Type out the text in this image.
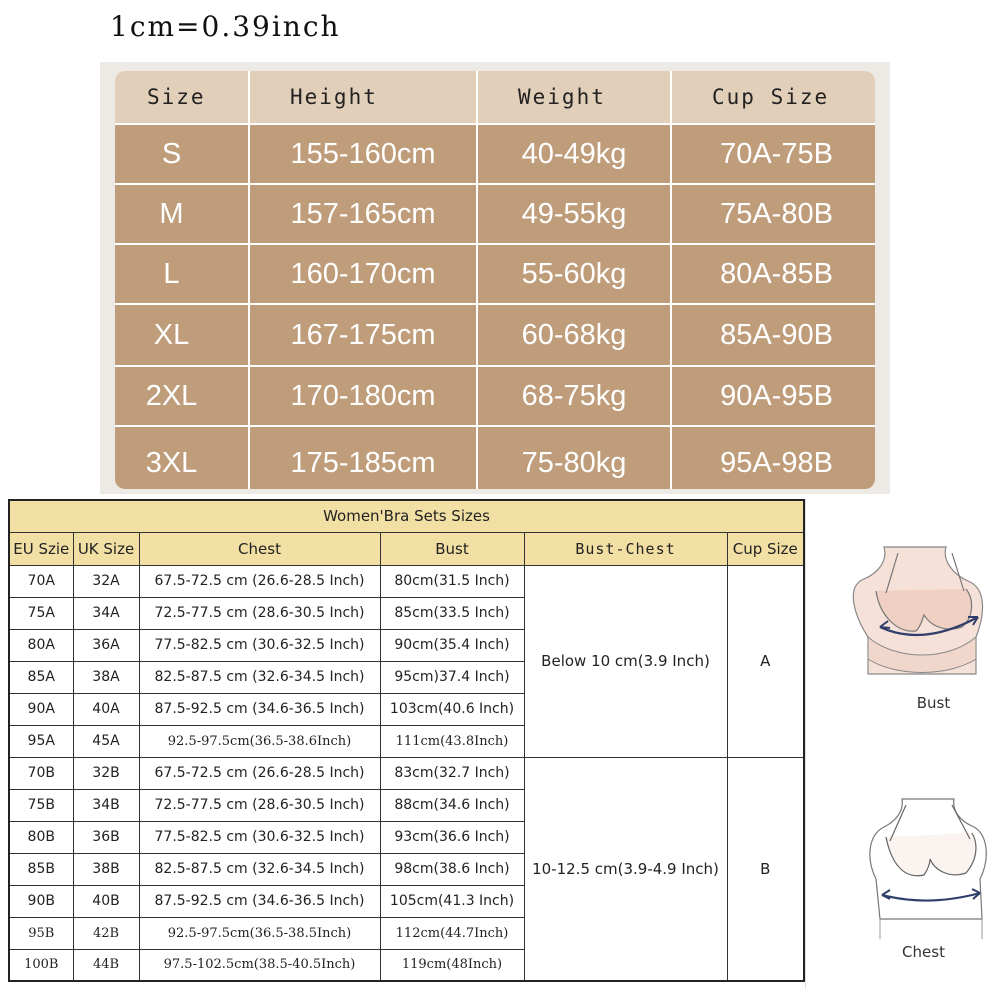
1cm=0.39inch
Size	Height	Weight	Cup Size
S	155-160cm	40-49kg	70A-75B
M	157-165cm	49-55kg	75A-80B
L	160-170cm	55-60kg	80A-85B
XL	167-175cm	60-68kg	85A-90B
2XL	170-180cm	68-75kg	90A-95B
3XL	175-185cm	75-80kg	95A-98B
Women'Bra Sets Sizes					
EU Szie	UK Size	Chest	Bust	Bust-Chest	Cup Size
70A	32A	67.5-72.5 cm (26.6-28.5 Inch)	80cm(31.5 Inch)	Below 10 cm(3.9 Inch)	A
75A	34A	72.5-77.5 cm (28.6-30.5 Inch)	85cm(33.5 Inch)		
80A	36A	77.5-82.5 cm (30.6-32.5 Inch)	90cm(35.4 Inch)		
85A	38A	82.5-87.5 cm (32.6-34.5 Inch)	95cm)37.4 Inch)		
90A	40A	87.5-92.5 cm (34.6-36.5 Inch)	103cm(40.6 Inch)		
95A	45A	92.5-97.5cm(36.5-38.6Inch)	111cm(43.8Inch)		
70B	32B	67.5-72.5 cm (26.6-28.5 Inch)	83cm(32.7 Inch)	10-12.5 cm(3.9-4.9 Inch)	B
75B	34B	72.5-77.5 cm (28.6-30.5 Inch)	88cm(34.6 Inch)		
80B	36B	77.5-82.5 cm (30.6-32.5 Inch)	93cm(36.6 Inch)		
85B	38B	82.5-87.5 cm (32.6-34.5 Inch)	98cm(38.6 Inch)		
90B	40B	87.5-92.5 cm (34.6-36.5 Inch)	105cm(41.3 Inch)		
95B	42B	92.5-97.5cm(36.5-38.5Inch)	112cm(44.7Inch)		
100B	44B	97.5-102.5cm(38.5-40.5Inch)	119cm(48Inch)		
Bust
Chest
